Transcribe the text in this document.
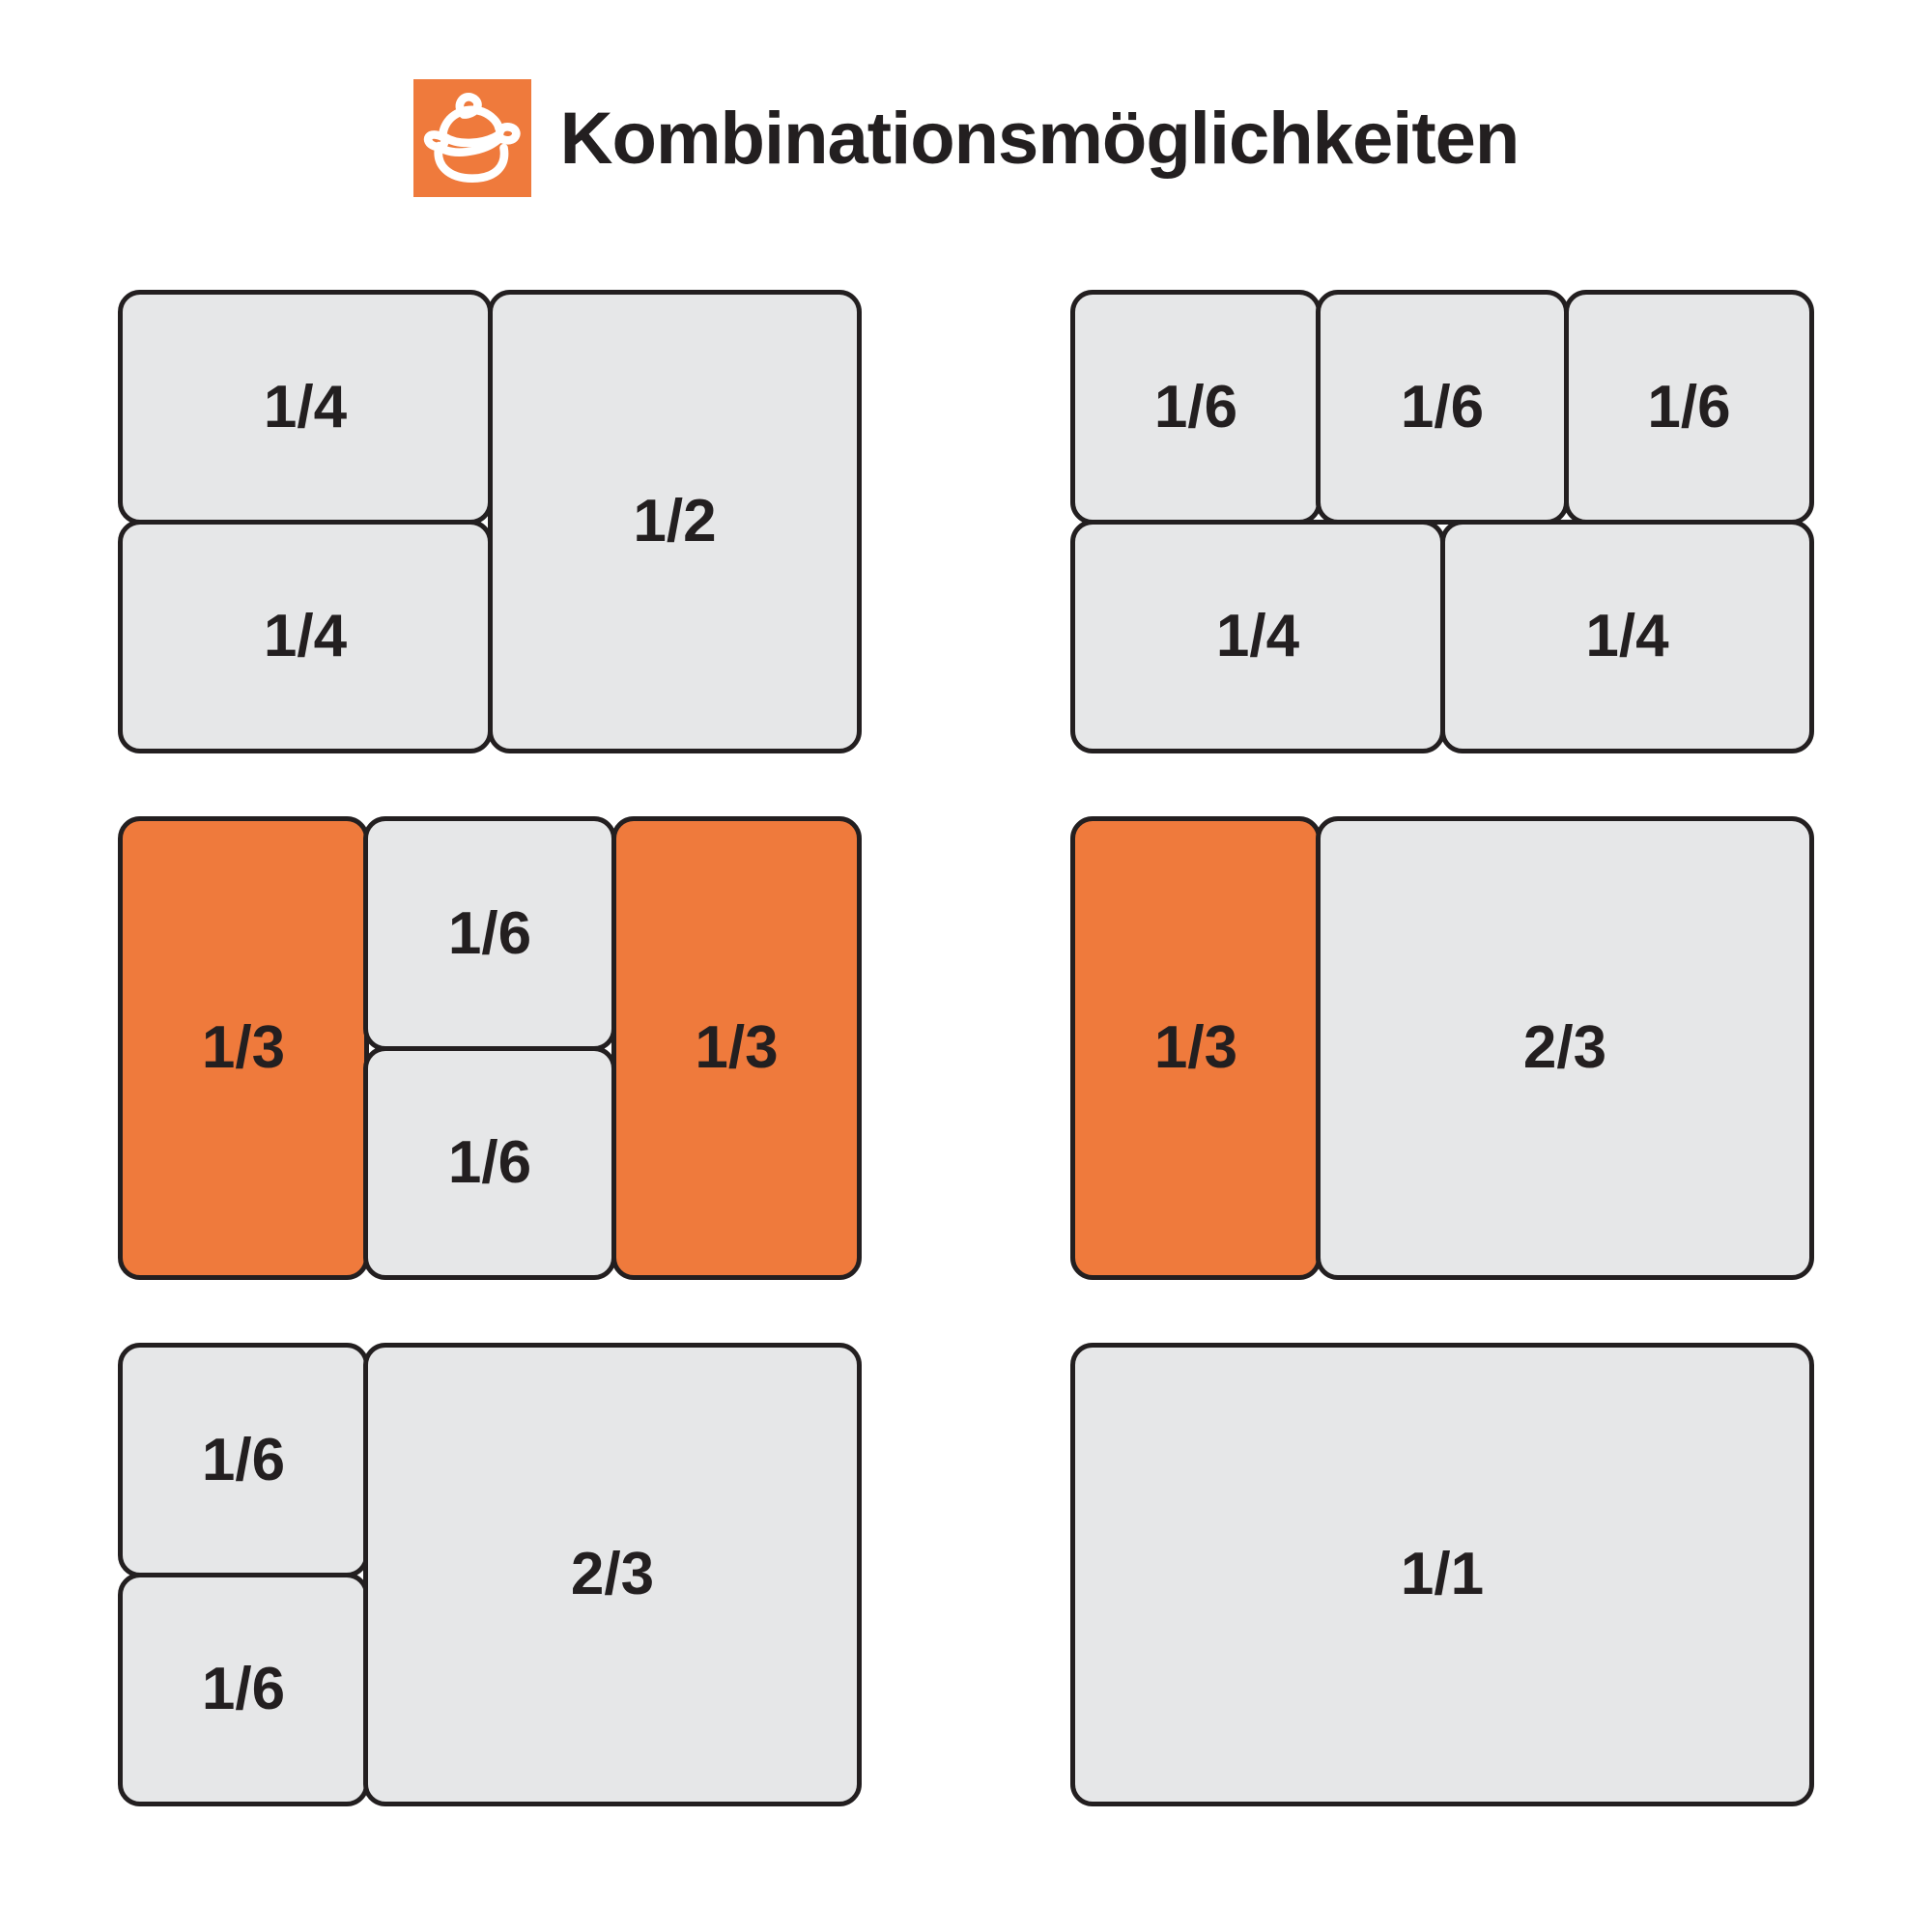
Kombinationsmöglichkeiten
1/4
1/4
1/2
1/6	1/6	1/6
1/4	1/4
1/3
1/6
1/6
1/3	1/3	2/3
1/6
1/6
2/3	1/1
